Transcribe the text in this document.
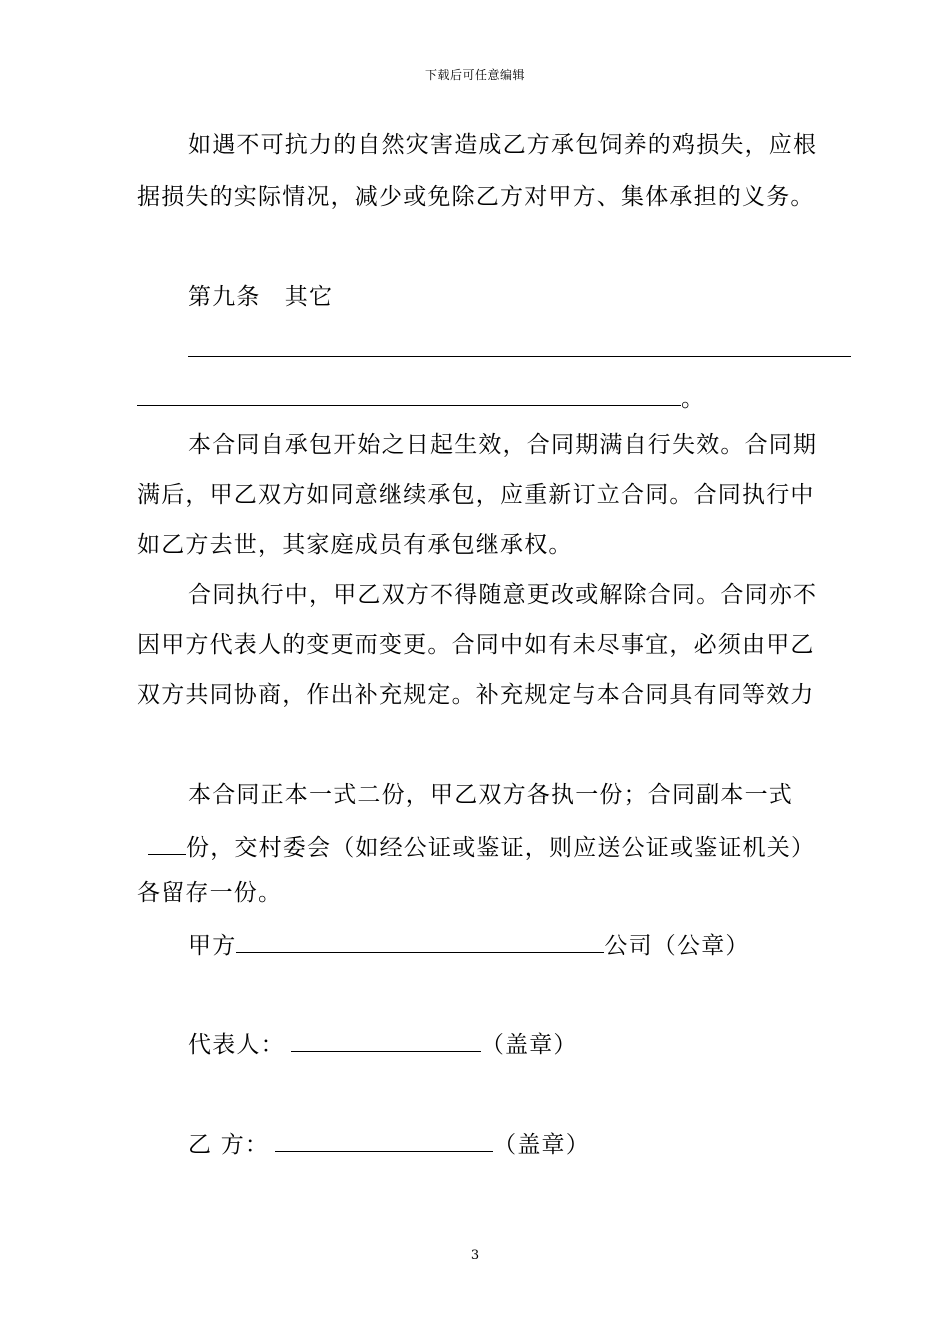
下载后可任意编辑
如遇不可抗力的自然灾害造成乙方承包饲养的鸡损失，应根
据损失的实际情况，减少或免除乙方对甲方、集体承担的义务。
第九条　其它
。
本合同自承包开始之日起生效，合同期满自行失效。合同期
满后，甲乙双方如同意继续承包，应重新订立合同。合同执行中
如乙方去世，其家庭成员有承包继承权。
合同执行中，甲乙双方不得随意更改或解除合同。合同亦不
因甲方代表人的变更而变更。合同中如有未尽事宜，必须由甲乙
双方共同协商，作出补充规定。补充规定与本合同具有同等效力
本合同正本一式二份，甲乙双方各执一份；合同副本一式
份，交村委会（如经公证或鉴证，则应送公证或鉴证机关）
各留存一份。
甲方	公司（公章）
代表人：	（盖章）
乙 方：	（盖章）
3
